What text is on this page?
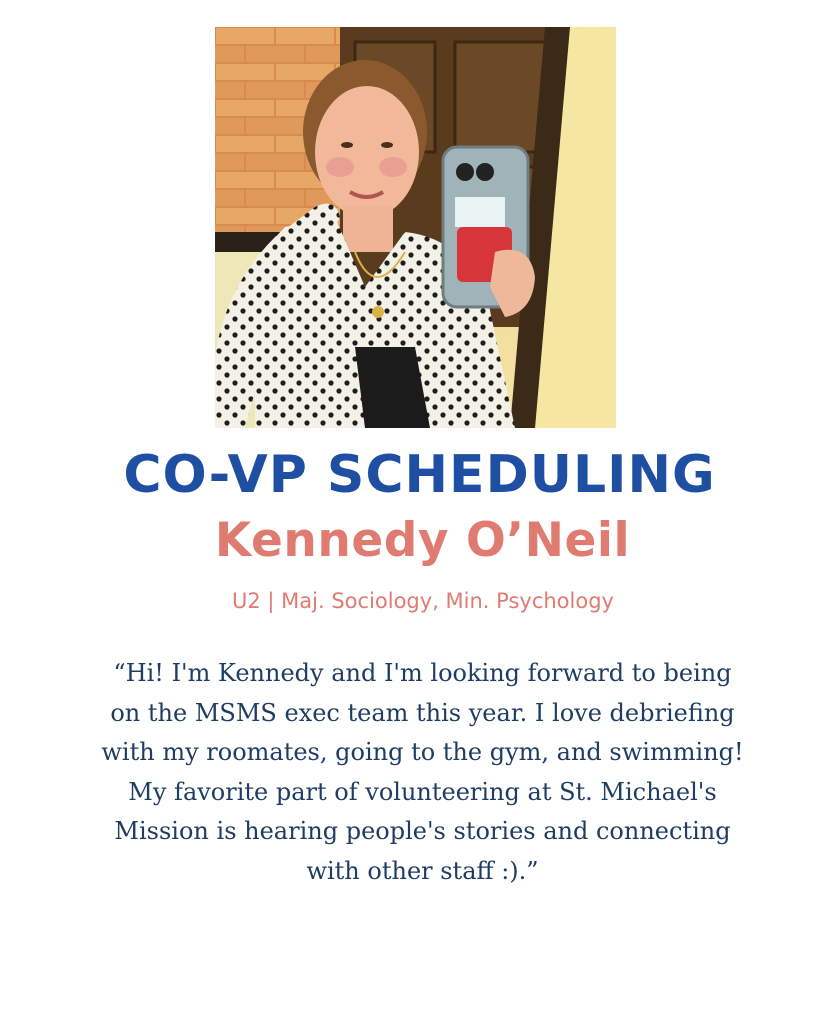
CO-VP SCHEDULING
Kennedy O’Neil
U2 | Maj. Sociology, Min. Psychology
“Hi! I'm Kennedy and I'm looking forward to being on the MSMS exec team this year. I love debriefing with my roomates, going to the gym, and swimming! My favorite part of volunteering at St. Michael's Mission is hearing people's stories and connecting with other staff :).”
